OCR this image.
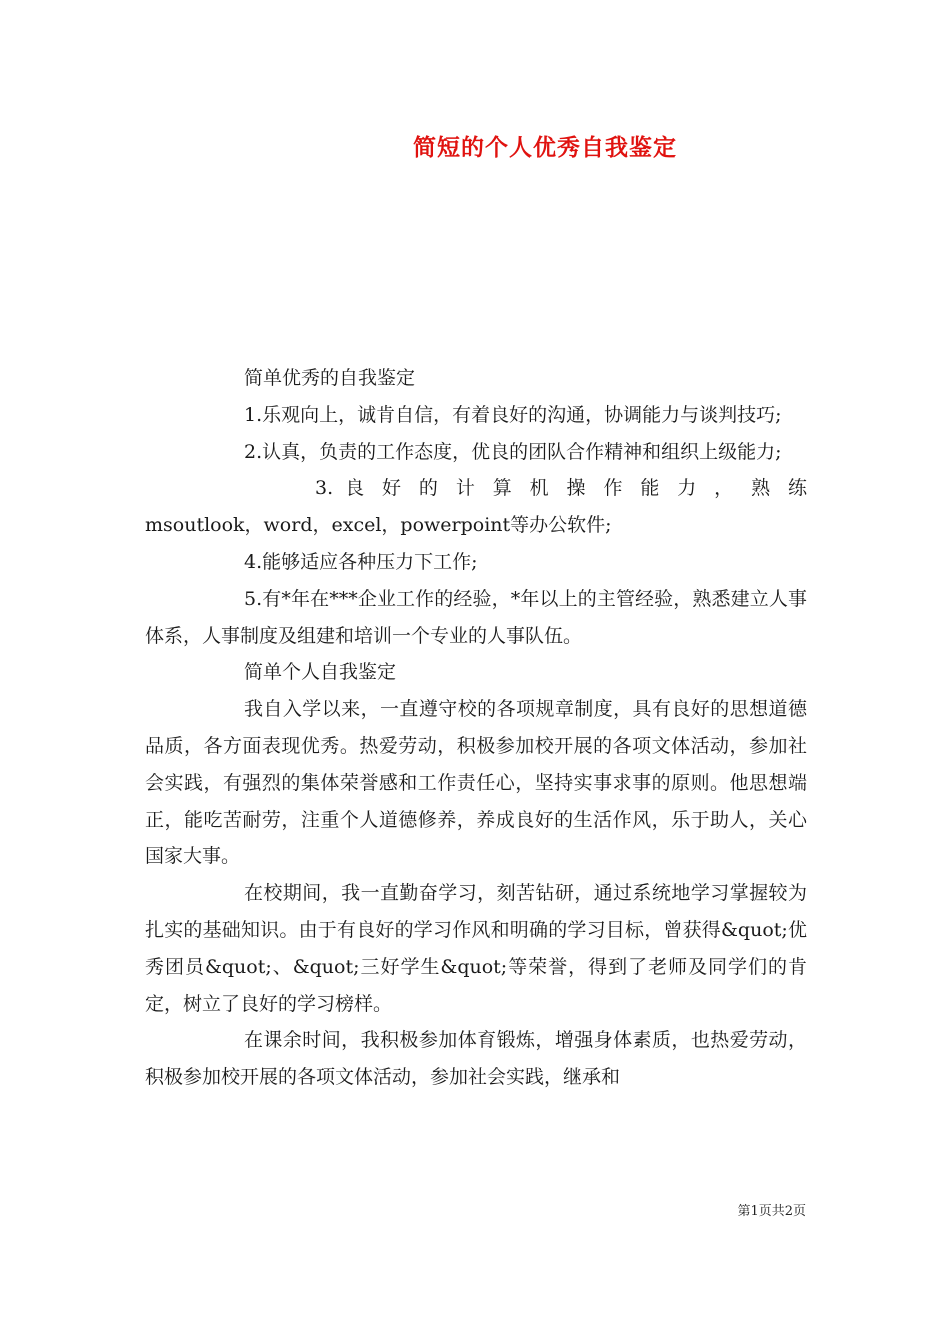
简短的个人优秀自我鉴定

简单优秀的自我鉴定

1.乐观向上，诚肯自信，有着良好的沟通，协调能力与谈判技巧;

2.认真，负责的工作态度，优良的团队合作精神和组织上级能力;

3. 良 好 的 计 算 机 操 作 能 力 ， 熟 练

msoutlook，word，excel，powerpoint等办公软件;

4.能够适应各种压力下工作;

5.有*年在***企业工作的经验，*年以上的主管经验，熟悉建立人事体系，人事制度及组建和培训一个专业的人事队伍。

简单个人自我鉴定

我自入学以来，一直遵守校的各项规章制度，具有良好的思想道德品质，各方面表现优秀。热爱劳动，积极参加校开展的各项文体活动，参加社会实践，有强烈的集体荣誉感和工作责任心，坚持实事求事的原则。他思想端正，能吃苦耐劳，注重个人道德修养，养成良好的生活作风，乐于助人，关心国家大事。

在校期间，我一直勤奋学习，刻苦钻研，通过系统地学习掌握较为扎实的基础知识。由于有良好的学习作风和明确的学习目标，曾获得&quot;优秀团员&quot;、&quot;三好学生&quot;等荣誉，得到了老师及同学们的肯定，树立了良好的学习榜样。

在课余时间，我积极参加体育锻炼，增强身体素质，也热爱劳动，积极参加校开展的各项文体活动，参加社会实践，继承和

第1页共2页
